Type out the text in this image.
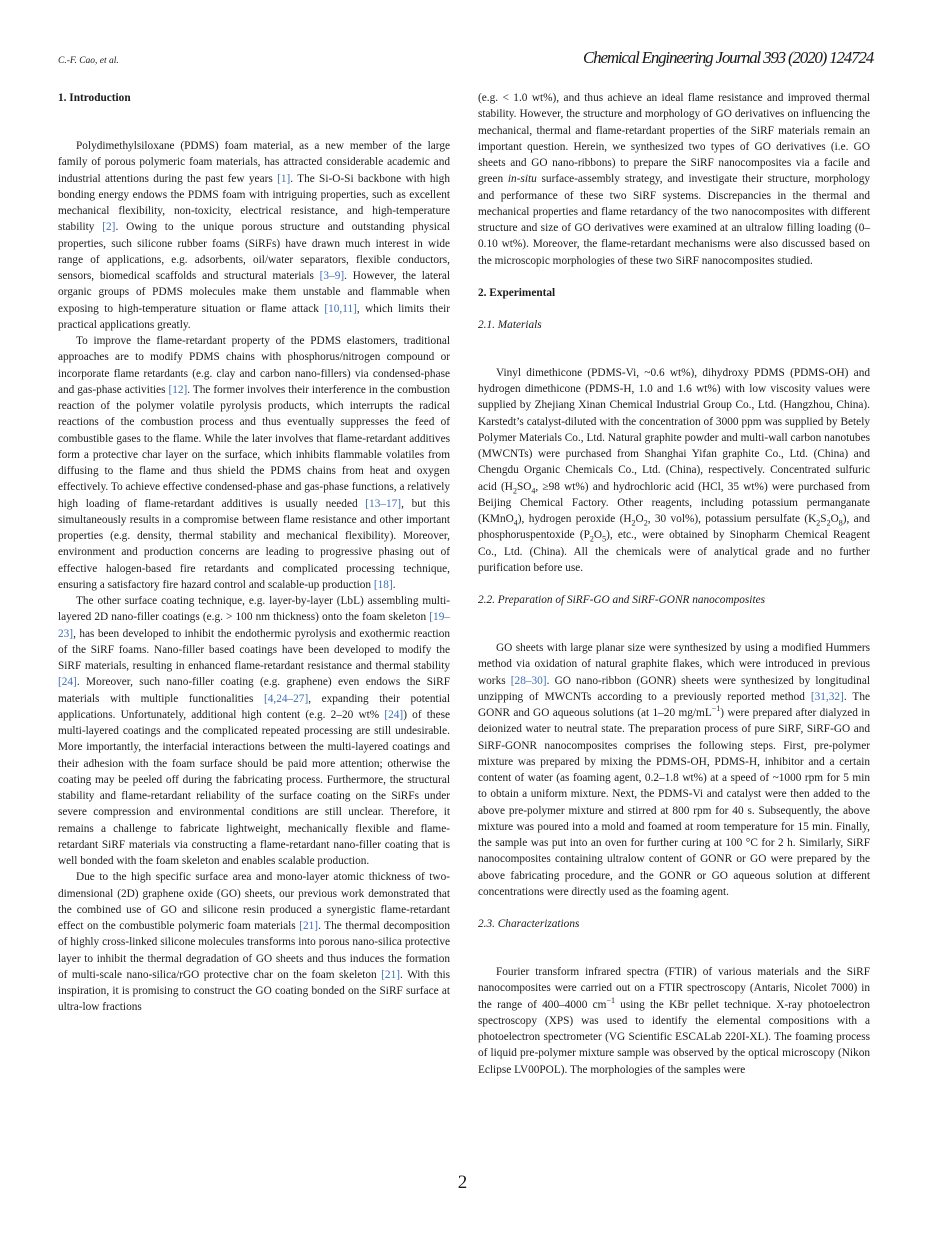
C.-F. Cao, et al.	Chemical Engineering Journal 393 (2020) 124724
1. Introduction

Polydimethylsiloxane (PDMS) foam material, as a new member of the large family of porous polymeric foam materials, has attracted considerable academic and industrial attentions during the past few years [1]. The Si-O-Si backbone with high bonding energy endows the PDMS foam with intriguing properties, such as excellent mechanical flexibility, non-toxicity, electrical resistance, and high-temperature stability [2]. Owing to the unique porous structure and outstanding physical properties, such silicone rubber foams (SiRFs) have drawn much interest in wide range of applications, e.g. adsorbents, oil/water separators, flexible conductors, sensors, biomedical scaffolds and structural materials [3–9]. However, the lateral organic groups of PDMS molecules make them unstable and flammable when exposing to high-temperature situation or flame attack [10,11], which limits their practical applications greatly.

To improve the flame-retardant property of the PDMS elastomers, traditional approaches are to modify PDMS chains with phosphorus/nitrogen compound or incorporate flame retardants (e.g. clay and carbon nano-fillers) via condensed-phase and gas-phase activities [12]. The former involves their interference in the combustion reaction of the polymer volatile pyrolysis products, which interrupts the radical reactions of the combustion process and thus eventually suppresses the feed of combustible gases to the flame. While the later involves that flame-retardant additives form a protective char layer on the surface, which inhibits flammable volatiles from diffusing to the flame and thus shield the PDMS chains from heat and oxygen effectively. To achieve effective condensed-phase and gas-phase functions, a relatively high loading of flame-retardant additives is usually needed [13–17], but this simultaneously results in a compromise between flame resistance and other important properties (e.g. density, thermal stability and mechanical flexibility). Moreover, environment and production concerns are leading to progressive phasing out of effective halogen-based fire retardants and complicated processing technique, ensuring a satisfactory fire hazard control and scalable-up production [18].

The other surface coating technique, e.g. layer-by-layer (LbL) assembling multi-layered 2D nano-filler coatings (e.g. > 100 nm thickness) onto the foam skeleton [19–23], has been developed to inhibit the endothermic pyrolysis and exothermic reaction of the SiRF foams. Nano-filler based coatings have been developed to modify the SiRF materials, resulting in enhanced flame-retardant resistance and thermal stability [24]. Moreover, such nano-filler coating (e.g. graphene) even endows the SiRF materials with multiple functionalities [4,24–27], expanding their potential applications. Unfortunately, additional high content (e.g. 2–20 wt% [24]) of these multi-layered coatings and the complicated repeated processing are still undesirable. More importantly, the interfacial interactions between the multi-layered coatings and their adhesion with the foam surface should be paid more attention; otherwise the coating may be peeled off during the fabricating process. Furthermore, the structural stability and flame-retardant reliability of the surface coating on the SiRFs under severe compression and environmental conditions are still unclear. Therefore, it remains a challenge to fabricate lightweight, mechanically flexible and flame-retardant SiRF materials via constructing a flame-retardant nano-filler coating that is well bonded with the foam skeleton and enables scalable production.

Due to the high specific surface area and mono-layer atomic thickness of two-dimensional (2D) graphene oxide (GO) sheets, our previous work demonstrated that the combined use of GO and silicone resin produced a synergistic flame-retardant effect on the combustible polymeric foam materials [21]. The thermal decomposition of highly cross-linked silicone molecules transforms into porous nano-silica protective layer to inhibit the thermal degradation of GO sheets and thus induces the formation of multi-scale nano-silica/rGO protective char on the foam skeleton [21]. With this inspiration, it is promising to construct the GO coating bonded on the SiRF surface at ultra-low fractions

(e.g. < 1.0 wt%), and thus achieve an ideal flame resistance and improved thermal stability. However, the structure and morphology of GO derivatives on influencing the mechanical, thermal and flame-retardant properties of the SiRF materials remain an important question. Herein, we synthesized two types of GO derivatives (i.e. GO sheets and GO nano-ribbons) to prepare the SiRF nanocomposites via a facile and green in-situ surface-assembly strategy, and investigate their structure, morphology and performance of these two SiRF systems. Discrepancies in the thermal and mechanical properties and flame retardancy of the two nanocomposites with different structure and size of GO derivatives were examined at an ultralow filling loading (0–0.10 wt%). Moreover, the flame-retardant mechanisms were also discussed based on the microscopic morphologies of these two SiRF nanocomposites studied.

2. Experimental
2.1. Materials

Vinyl dimethicone (PDMS-Vi, ~0.6 wt%), dihydroxy PDMS (PDMS-OH) and hydrogen dimethicone (PDMS-H, 1.0 and 1.6 wt%) with low viscosity values were supplied by Zhejiang Xinan Chemical Industrial Group Co., Ltd. (Hangzhou, China). Karstedt’s catalyst-diluted with the concentration of 3000 ppm was supplied by Betely Polymer Materials Co., Ltd. Natural graphite powder and multi-wall carbon nanotubes (MWCNTs) were purchased from Shanghai Yifan graphite Co., Ltd. (China) and Chengdu Organic Chemicals Co., Ltd. (China), respectively. Concentrated sulfuric acid ($H_2SO_4$, ≥98 wt%) and hydrochloric acid (HCl, 35 wt%) were purchased from Beijing Chemical Factory. Other reagents, including potassium permanganate (KMnO$_4$), hydrogen peroxide ($H_2O_2$, 30 vol%), potassium persulfate $(K_2S_2O_8)$, and phosphoruspentoxide $(P_2O_5)$, etc., were obtained by Sinopharm Chemical Reagent Co., Ltd. (China). All the chemicals were of analytical grade and no further purification before use.

2.2. Preparation of SiRF-GO and SiRF-GONR nanocomposites

GO sheets with large planar size were synthesized by using a modified Hummers method via oxidation of natural graphite flakes, which were introduced in previous works [28–30]. GO nano-ribbon (GONR) sheets were synthesized by longitudinal unzipping of MWCNTs according to a previously reported method [31,32]. The GONR and GO aqueous solutions (at 1–20 $mg/mL^{-1}$) were prepared after dialyzed in deionized water to neutral state. The preparation process of pure SiRF, SiRF-GO and SiRF-GONR nanocomposites comprises the following steps. First, pre-polymer mixture was prepared by mixing the PDMS-OH, PDMS-H, inhibitor and a certain content of water (as foaming agent, 0.2–1.8 wt%) at a speed of ~1000 rpm for 5 min to obtain a uniform mixture. Next, the PDMS-Vi and catalyst were then added to the above pre-polymer mixture and stirred at 800 rpm for 40 s. Subsequently, the above mixture was poured into a mold and foamed at room temperature for 15 min. Finally, the sample was put into an oven for further curing at 100 °C for 2 h. Similarly, SiRF nanocomposites containing ultralow content of GONR or GO were prepared by the above fabricating procedure, and the GONR or GO aqueous solution at different concentrations were directly used as the foaming agent.

2.3. Characterizations

Fourier transform infrared spectra (FTIR) of various materials and the SiRF nanocomposites were carried out on a FTIR spectroscopy (Antaris, Nicolet 7000) in the range of 400–4000 $cm^{-1}$ using the KBr pellet technique. X-ray photoelectron spectroscopy (XPS) was used to identify the elemental compositions with a photoelectron spectrometer (VG Scientific ESCALab 220I-XL). The foaming process of liquid pre-polymer mixture sample was observed by the optical microscopy (Nikon Eclipse LV00POL). The morphologies of the samples were

2
